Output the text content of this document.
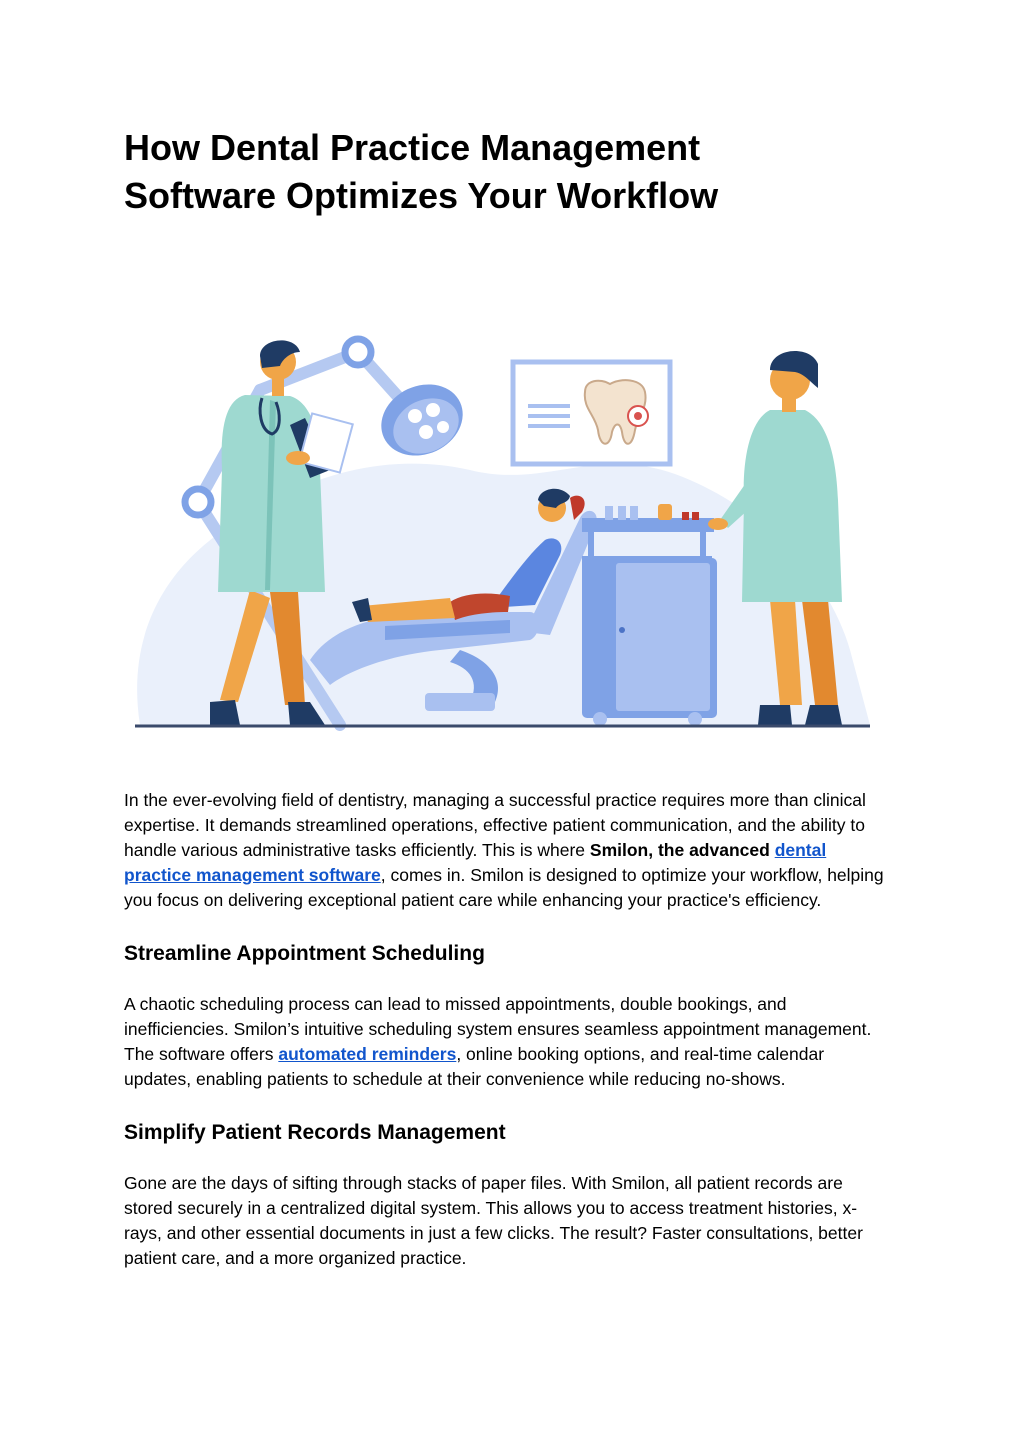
How Dental Practice Management
Software Optimizes Your Workflow

In the ever-evolving field of dentistry, managing a successful practice requires more than clinical expertise. It demands streamlined operations, effective patient communication, and the ability to handle various administrative tasks efficiently. This is where Smilon, the advanced dental practice management software, comes in. Smilon is designed to optimize your workflow, helping you focus on delivering exceptional patient care while enhancing your practice's efficiency.

Streamline Appointment Scheduling

A chaotic scheduling process can lead to missed appointments, double bookings, and inefficiencies. Smilon’s intuitive scheduling system ensures seamless appointment management. The software offers automated reminders, online booking options, and real-time calendar updates, enabling patients to schedule at their convenience while reducing no-shows.

Simplify Patient Records Management

Gone are the days of sifting through stacks of paper files. With Smilon, all patient records are stored securely in a centralized digital system. This allows you to access treatment histories, x-rays, and other essential documents in just a few clicks. The result? Faster consultations, better patient care, and a more organized practice.
